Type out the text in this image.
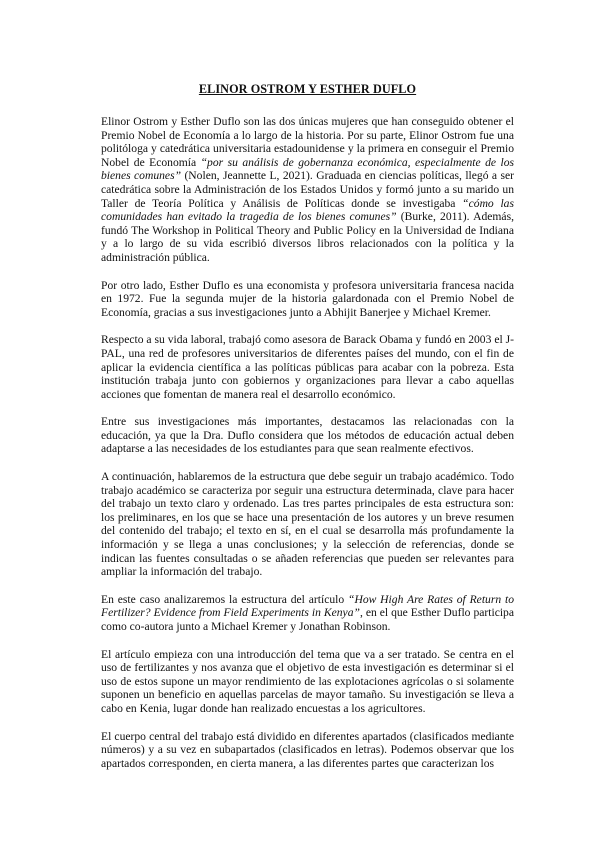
ELINOR OSTROM Y ESTHER DUFLO

Elinor Ostrom y Esther Duflo son las dos únicas mujeres que han conseguido obtener el Premio Nobel de Economía a lo largo de la historia. Por su parte, Elinor Ostrom fue una politóloga y catedrática universitaria estadounidense y la primera en conseguir el Premio Nobel de Economía “por su análisis de gobernanza económica, especialmente de los bienes comunes” (Nolen, Jeannette L, 2021). Graduada en ciencias políticas, llegó a ser catedrática sobre la Administración de los Estados Unidos y formó junto a su marido un Taller de Teoría Política y Análisis de Políticas donde se investigaba “cómo las comunidades han evitado la tragedia de los bienes comunes” (Burke, 2011). Además, fundó The Workshop in Political Theory and Public Policy en la Universidad de Indiana y a lo largo de su vida escribió diversos libros relacionados con la política y la administración pública.

Por otro lado, Esther Duflo es una economista y profesora universitaria francesa nacida en 1972. Fue la segunda mujer de la historia galardonada con el Premio Nobel de Economía, gracias a sus investigaciones junto a Abhijit Banerjee y Michael Kremer.

Respecto a su vida laboral, trabajó como asesora de Barack Obama y fundó en 2003 el J-PAL, una red de profesores universitarios de diferentes países del mundo, con el fin de aplicar la evidencia científica a las políticas públicas para acabar con la pobreza. Esta institución trabaja junto con gobiernos y organizaciones para llevar a cabo aquellas acciones que fomentan de manera real el desarrollo económico.

Entre sus investigaciones más importantes, destacamos las relacionadas con la educación, ya que la Dra. Duflo considera que los métodos de educación actual deben adaptarse a las necesidades de los estudiantes para que sean realmente efectivos.

A continuación, hablaremos de la estructura que debe seguir un trabajo académico. Todo trabajo académico se caracteriza por seguir una estructura determinada, clave para hacer del trabajo un texto claro y ordenado. Las tres partes principales de esta estructura son: los preliminares, en los que se hace una presentación de los autores y un breve resumen del contenido del trabajo; el texto en sí, en el cual se desarrolla más profundamente la información y se llega a unas conclusiones; y la selección de referencias, donde se indican las fuentes consultadas o se añaden referencias que pueden ser relevantes para ampliar la información del trabajo.

En este caso analizaremos la estructura del artículo “How High Are Rates of Return to Fertilizer? Evidence from Field Experiments in Kenya”, en el que Esther Duflo participa como co-autora junto a Michael Kremer y Jonathan Robinson.

El artículo empieza con una introducción del tema que va a ser tratado. Se centra en el uso de fertilizantes y nos avanza que el objetivo de esta investigación es determinar si el uso de estos supone un mayor rendimiento de las explotaciones agrícolas o si solamente suponen un beneficio en aquellas parcelas de mayor tamaño. Su investigación se lleva a cabo en Kenia, lugar donde han realizado encuestas a los agricultores.

El cuerpo central del trabajo está dividido en diferentes apartados (clasificados mediante números) y a su vez en subapartados (clasificados en letras). Podemos observar que los apartados corresponden, en cierta manera, a las diferentes partes que caracterizan los
